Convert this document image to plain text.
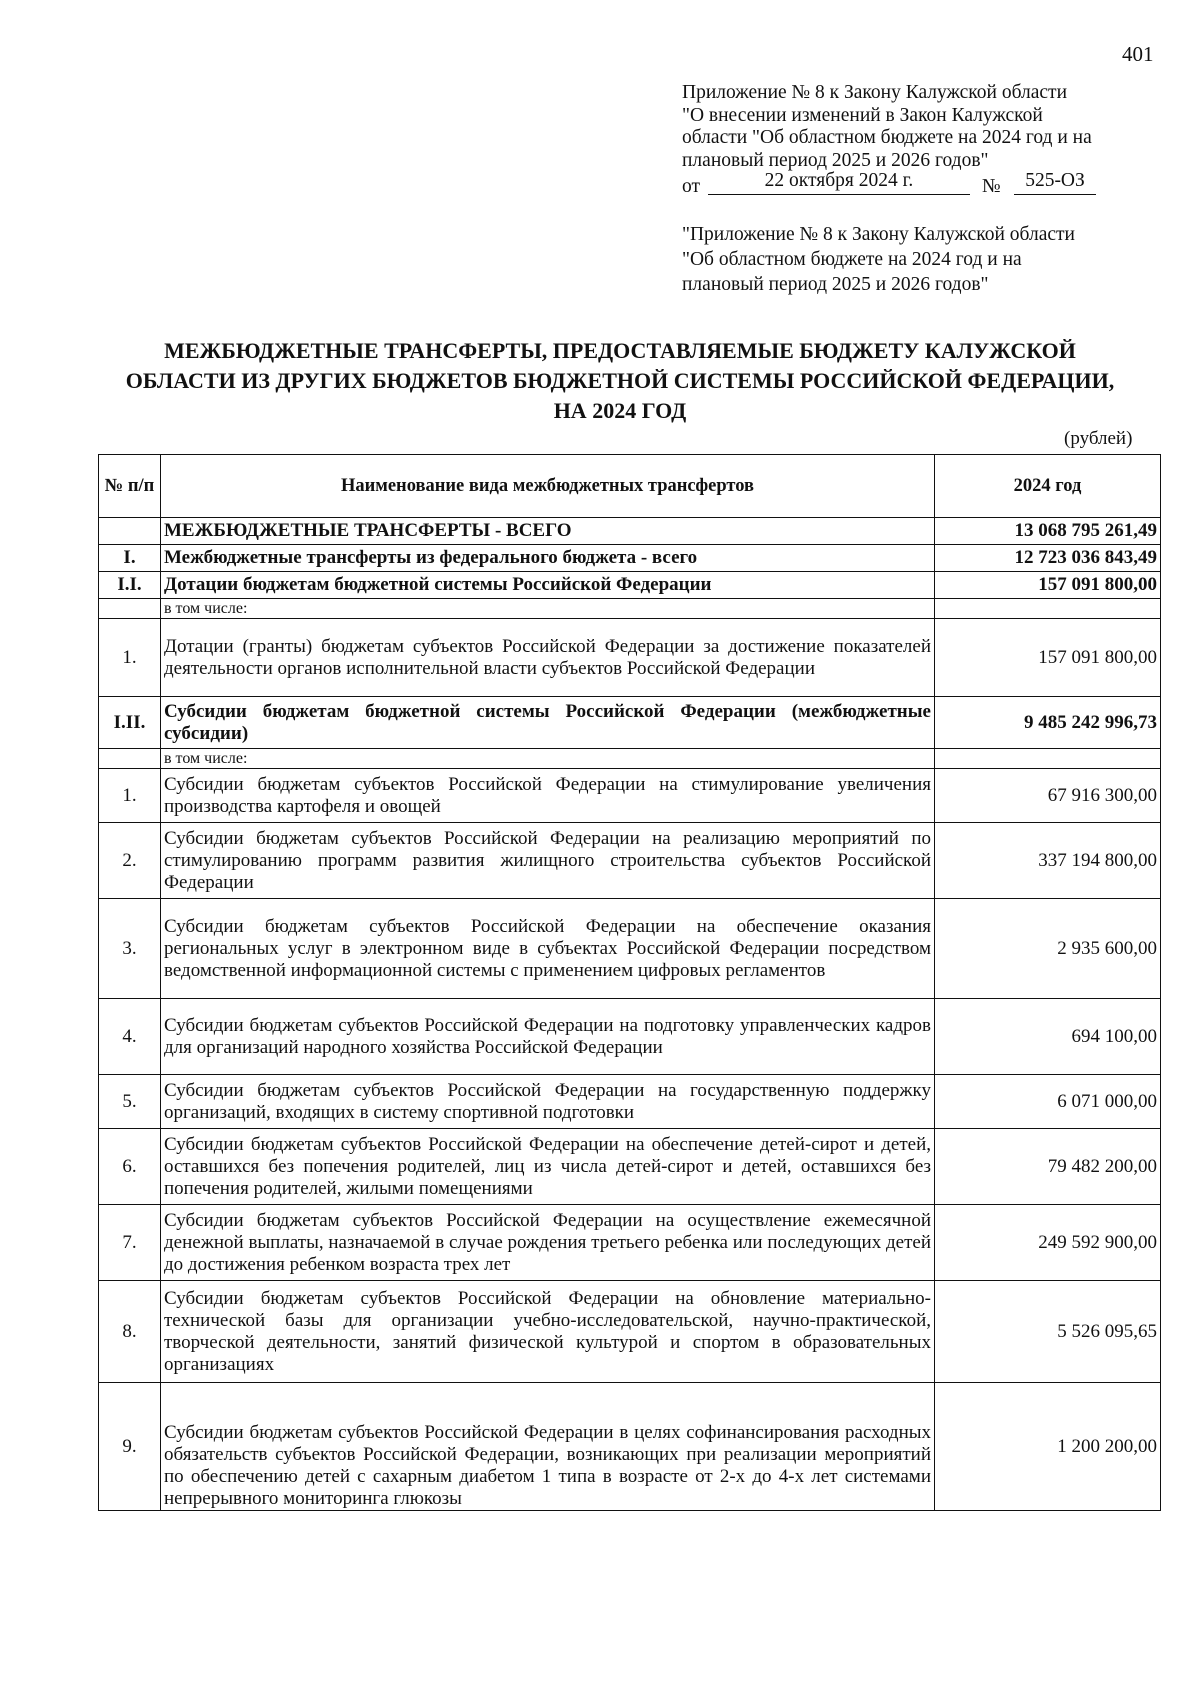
401
Приложение № 8 к Закону Калужской области
"О внесении изменений в Закон Калужской
области "Об областном бюджете на 2024 год и на
плановый период 2025 и 2026 годов"
от	22 октября 2024 г.	№	525-ОЗ
"Приложение № 8 к Закону Калужской области
"Об областном бюджете на 2024 год и на
плановый период 2025 и 2026 годов"
МЕЖБЮДЖЕТНЫЕ ТРАНСФЕРТЫ, ПРЕДОСТАВЛЯЕМЫЕ БЮДЖЕТУ КАЛУЖСКОЙ
ОБЛАСТИ ИЗ ДРУГИХ БЮДЖЕТОВ БЮДЖЕТНОЙ СИСТЕМЫ РОССИЙСКОЙ ФЕДЕРАЦИИ,
НА 2024 ГОД
(рублей)
№ п/п	Наименование вида межбюджетных трансфертов	2024 год
	МЕЖБЮДЖЕТНЫЕ ТРАНСФЕРТЫ - ВСЕГО	13 068 795 261,49
I.	Межбюджетные трансферты из федерального бюджета - всего	12 723 036 843,49
I.I.	Дотации бюджетам бюджетной системы Российской Федерации	157 091 800,00
	в том числе:	
1.	Дотации (гранты) бюджетам субъектов Российской Федерации за достижение показателей деятельности органов исполнительной власти субъектов Российской Федерации	157 091 800,00
I.II.	Субсидии бюджетам бюджетной системы Российской Федерации (межбюджетные субсидии)	9 485 242 996,73
	в том числе:	
1.	Субсидии бюджетам субъектов Российской Федерации на стимулирование увеличения производства картофеля и овощей	67 916 300,00
2.	Субсидии бюджетам субъектов Российской Федерации на реализацию мероприятий по стимулированию программ развития жилищного строительства субъектов Российской Федерации	337 194 800,00
3.	Субсидии бюджетам субъектов Российской Федерации на обеспечение оказания региональных услуг в электронном виде в субъектах Российской Федерации посредством ведомственной информационной системы с применением цифровых регламентов	2 935 600,00
4.	Субсидии бюджетам субъектов Российской Федерации на подготовку управленческих кадров для организаций народного хозяйства Российской Федерации	694 100,00
5.	Субсидии бюджетам субъектов Российской Федерации на государственную поддержку организаций, входящих в систему спортивной подготовки	6 071 000,00
6.	Субсидии бюджетам субъектов Российской Федерации на обеспечение детей-сирот и детей, оставшихся без попечения родителей, лиц из числа детей-сирот и детей, оставшихся без попечения родителей, жилыми помещениями	79 482 200,00
7.	Субсидии бюджетам субъектов Российской Федерации на осуществление ежемесячной денежной выплаты, назначаемой в случае рождения третьего ребенка или последующих детей до достижения ребенком возраста трех лет	249 592 900,00
8.	Субсидии бюджетам субъектов Российской Федерации на обновление материально-технической базы для организации учебно-исследовательской, научно-практической, творческой деятельности, занятий физической культурой и спортом в образовательных организациях	5 526 095,65
9.	Субсидии бюджетам субъектов Российской Федерации в целях софинансирования расходных обязательств субъектов Российской Федерации, возникающих при реализации мероприятий по обеспечению детей с сахарным диабетом 1 типа в возрасте от 2-х до 4-х лет системами непрерывного мониторинга глюкозы	1 200 200,00
